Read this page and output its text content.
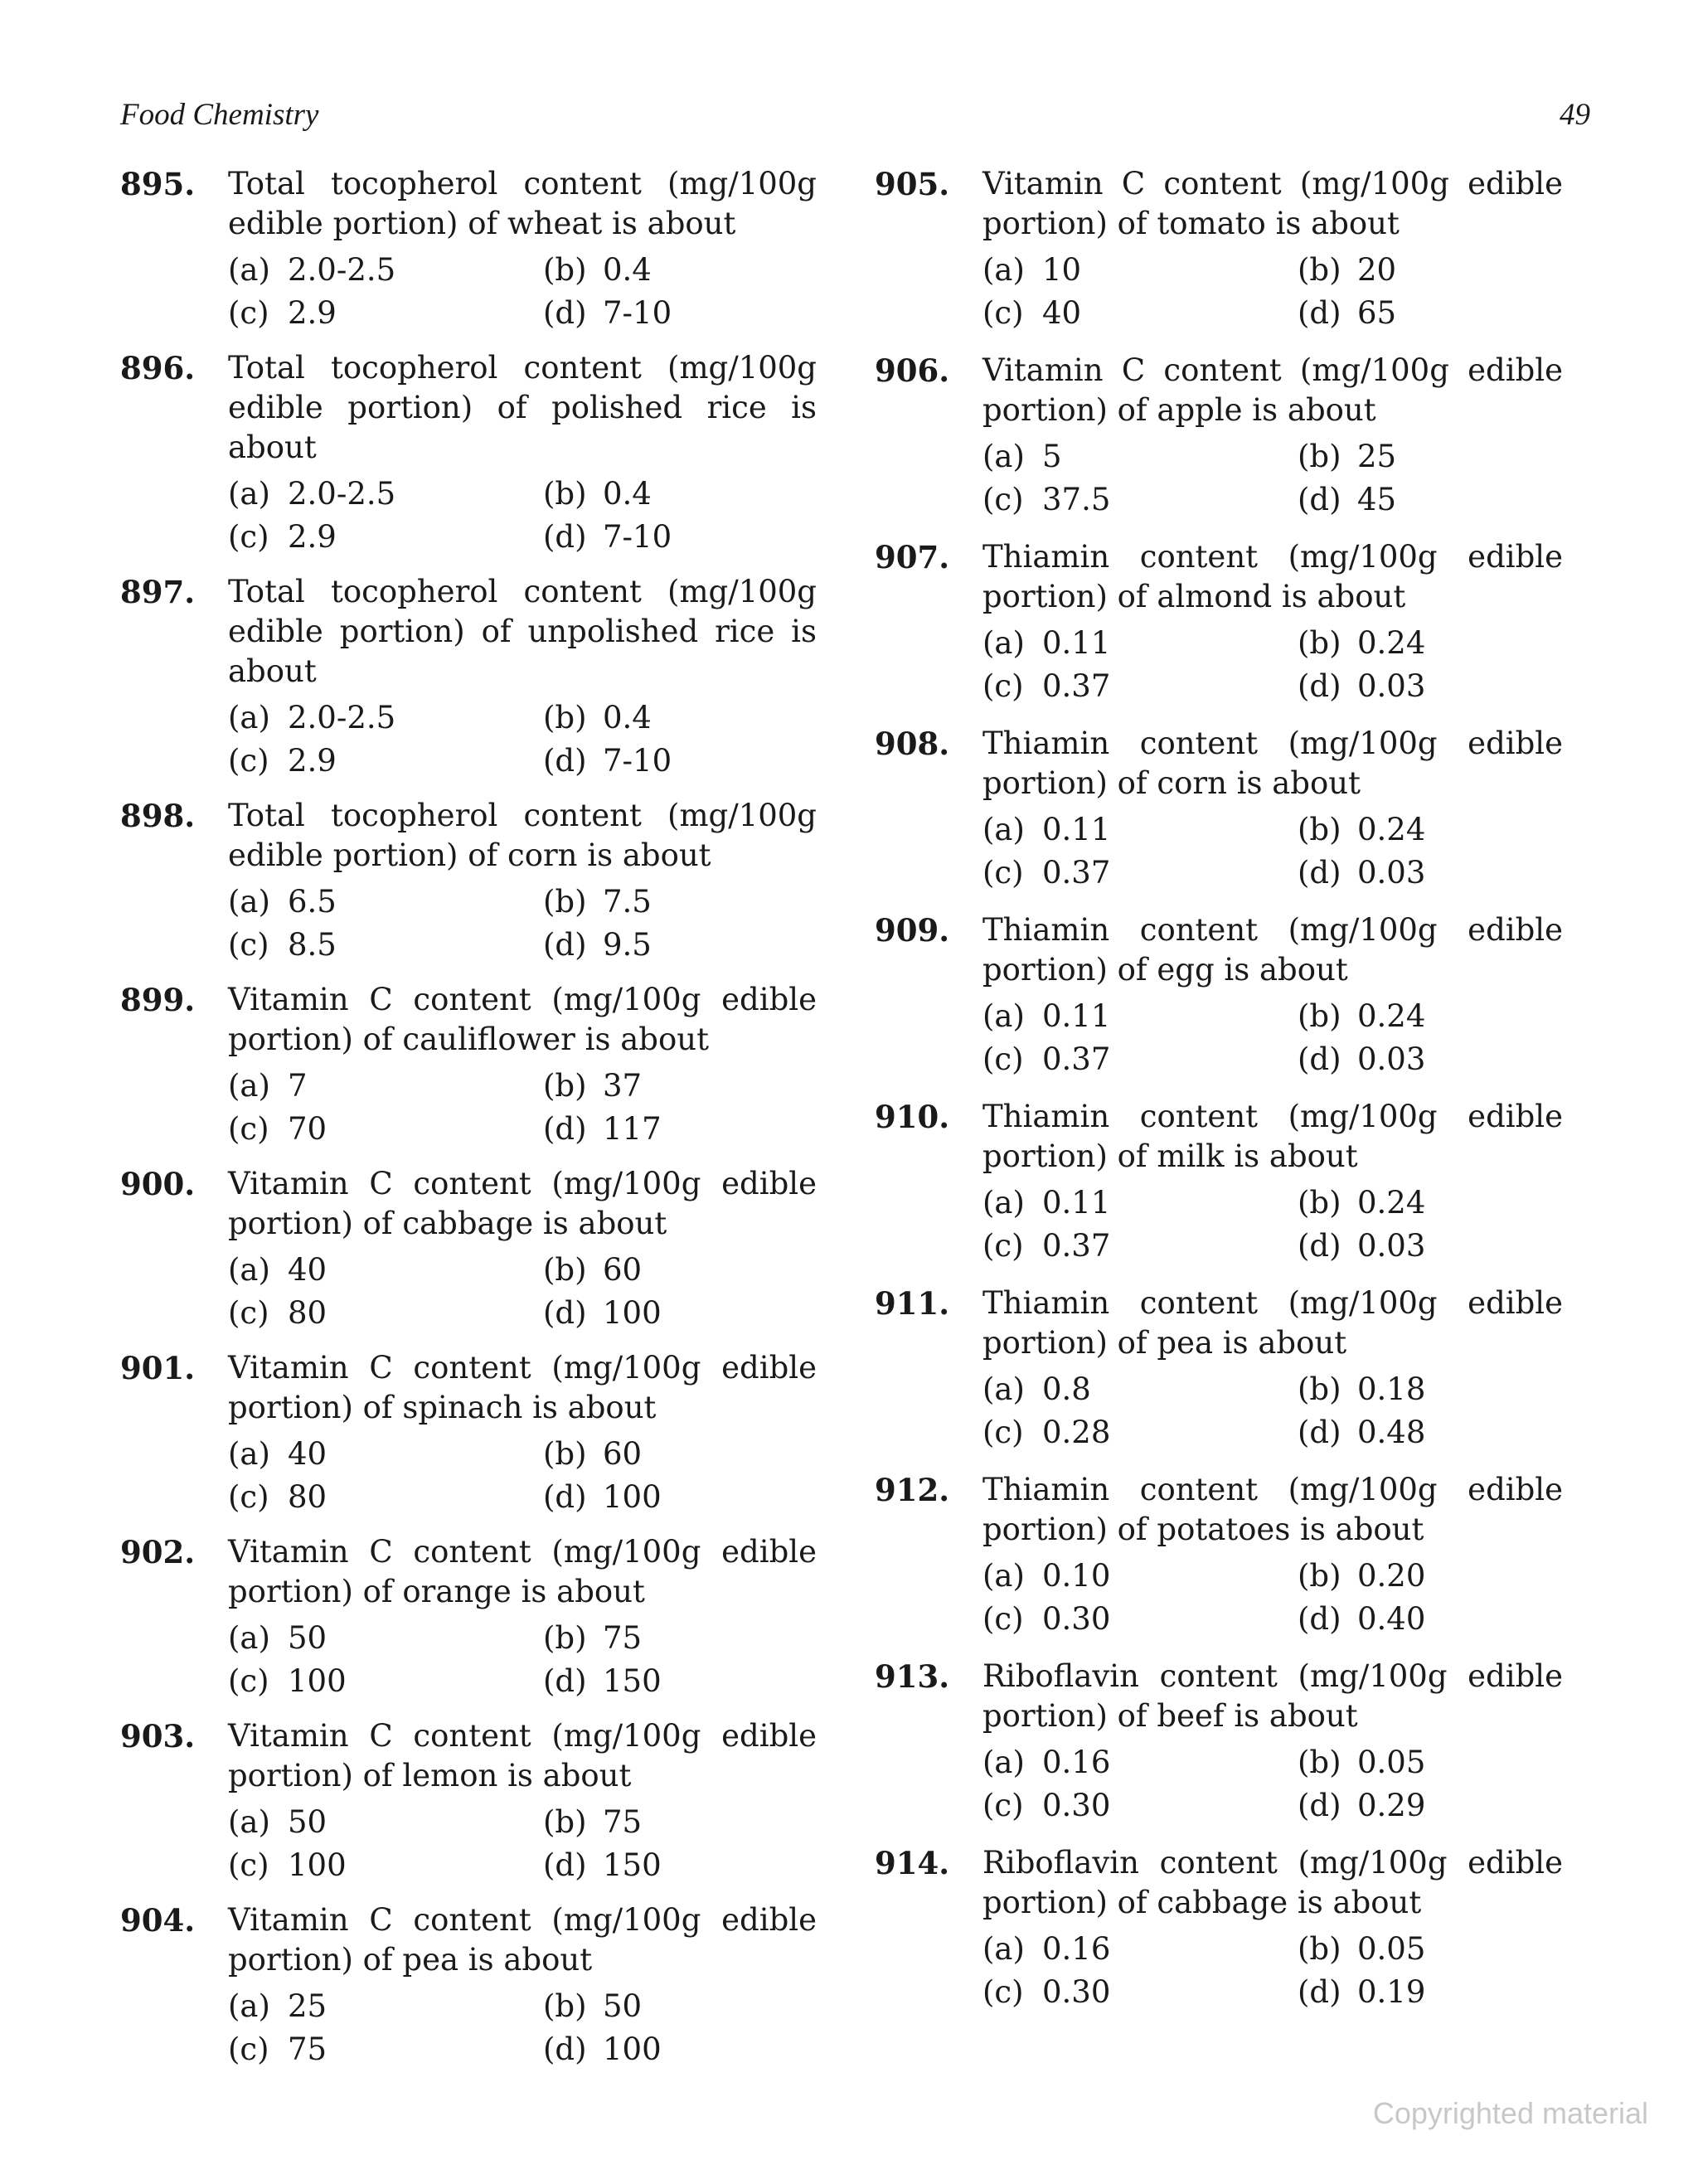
Food Chemistry	49
895.	Total tocopherol content (mg/100g edible portion) of wheat is about
(a) 2.0-2.5	(b) 0.4
(c) 2.9	(d) 7-10
896.	Total tocopherol content (mg/100g edible portion) of polished rice is about
(a) 2.0-2.5	(b) 0.4
(c) 2.9	(d) 7-10
897.	Total tocopherol content (mg/100g edible portion) of unpolished rice is about
(a) 2.0-2.5	(b) 0.4
(c) 2.9	(d) 7-10
898.	Total tocopherol content (mg/100g edible portion) of corn is about
(a) 6.5	(b) 7.5
(c) 8.5	(d) 9.5
899.	Vitamin C content (mg/100g edible portion) of cauliflower is about
(a) 7	(b) 37
(c) 70	(d) 117
900.	Vitamin C content (mg/100g edible portion) of cabbage is about
(a) 40	(b) 60
(c) 80	(d) 100
901.	Vitamin C content (mg/100g edible portion) of spinach is about
(a) 40	(b) 60
(c) 80	(d) 100
902.	Vitamin C content (mg/100g edible portion) of orange is about
(a) 50	(b) 75
(c) 100	(d) 150
903.	Vitamin C content (mg/100g edible portion) of lemon is about
(a) 50	(b) 75
(c) 100	(d) 150
904.	Vitamin C content (mg/100g edible portion) of pea is about
(a) 25	(b) 50
(c) 75	(d) 100
905.	Vitamin C content (mg/100g edible portion) of tomato is about
(a) 10	(b) 20
(c) 40	(d) 65
906.	Vitamin C content (mg/100g edible portion) of apple is about
(a) 5	(b) 25
(c) 37.5	(d) 45
907.	Thiamin content (mg/100g edible portion) of almond is about
(a) 0.11	(b) 0.24
(c) 0.37	(d) 0.03
908.	Thiamin content (mg/100g edible portion) of corn is about
(a) 0.11	(b) 0.24
(c) 0.37	(d) 0.03
909.	Thiamin content (mg/100g edible portion) of egg is about
(a) 0.11	(b) 0.24
(c) 0.37	(d) 0.03
910.	Thiamin content (mg/100g edible portion) of milk is about
(a) 0.11	(b) 0.24
(c) 0.37	(d) 0.03
911.	Thiamin content (mg/100g edible portion) of pea is about
(a) 0.8	(b) 0.18
(c) 0.28	(d) 0.48
912.	Thiamin content (mg/100g edible portion) of potatoes is about
(a) 0.10	(b) 0.20
(c) 0.30	(d) 0.40
913.	Riboflavin content (mg/100g edible portion) of beef is about
(a) 0.16	(b) 0.05
(c) 0.30	(d) 0.29
914.	Riboflavin content (mg/100g edible portion) of cabbage is about
(a) 0.16	(b) 0.05
(c) 0.30	(d) 0.19
Copyrighted material
